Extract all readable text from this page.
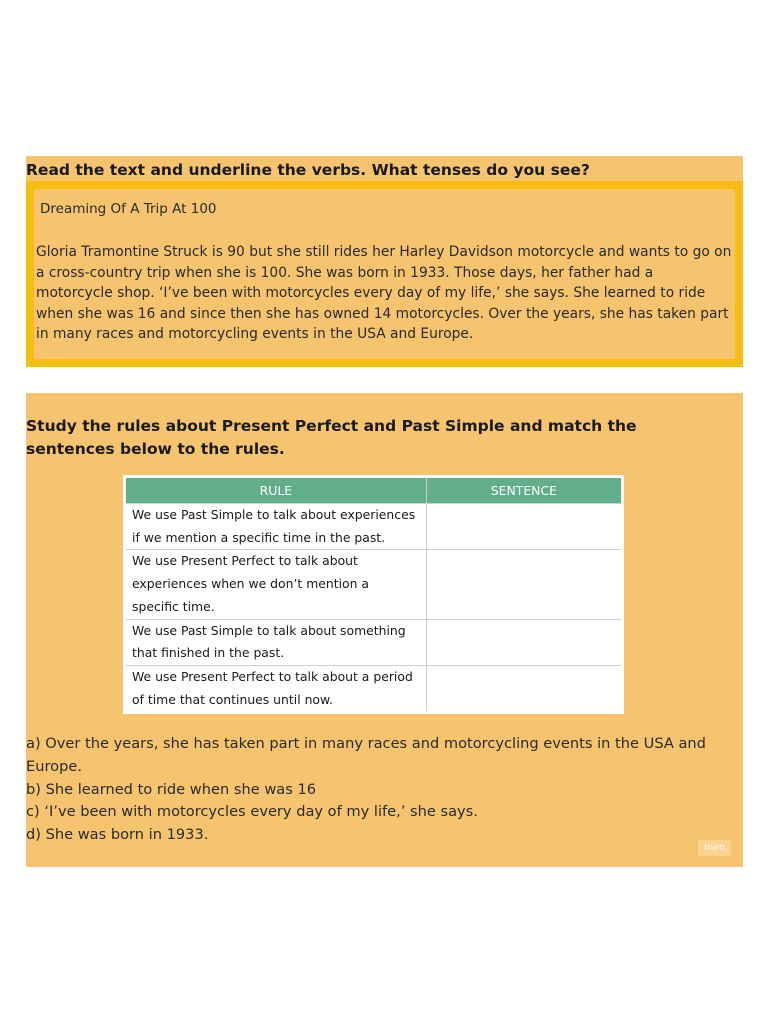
Read the text and underline the verbs. What tenses do you see?

Dreaming Of A Trip At 100

Gloria Tramontine Struck is 90 but she still rides her Harley Davidson motorcycle and wants to go on a cross-country trip when she is 100. She was born in 1933. Those days, her father had a motorcycle shop. ‘I’ve been with motorcycles every day of my life,’ she says. She learned to ride when she was 16 and since then she has owned 14 motorcycles. Over the years, she has taken part in many races and motorcycling events in the USA and Europe.

Study the rules about Present Perfect and Past Simple and match the sentences below to the rules.
RULE	SENTENCE
We use Past Simple to talk about experiences if we mention a specific time in the past.	
We use Present Perfect to talk about experiences when we don’t mention a specific time.	
We use Past Simple to talk about something that finished in the past.	
We use Present Perfect to talk about a period of time that continues until now.	
a) Over the years, she has taken part in many races and motorcycling events in the USA and Europe.
b) She learned to ride when she was 16
c) ‘I’ve been with motorcycles every day of my life,’ she says.
d) She was born in 1933.
miro
